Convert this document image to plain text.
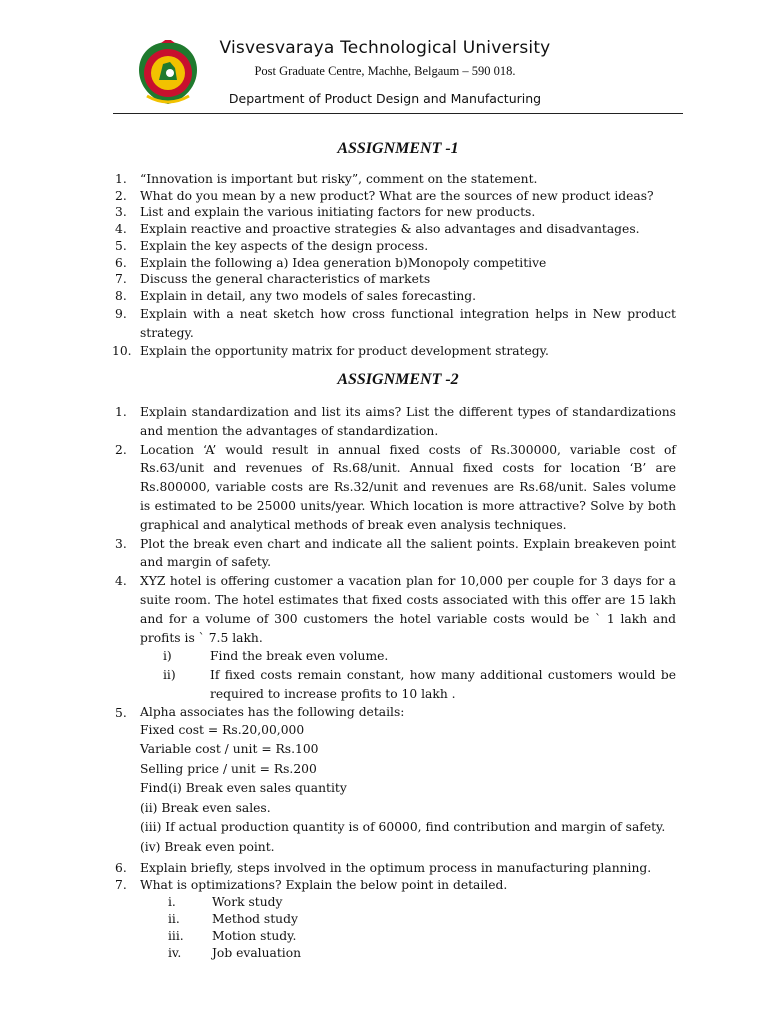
Visvesvaraya Technological University
Post Graduate Centre, Machhe, Belgaum – 590 018.
Department of Product Design and Manufacturing
ASSIGNMENT -1
1. “Innovation is important but risky”, comment on the statement.
2. What do you mean by a new product? What are the sources of new product ideas?
3. List and explain the various initiating factors for new products.
4. Explain reactive and proactive strategies & also advantages and disadvantages.
5. Explain the key aspects of the design process.
6. Explain the following a) Idea generation b)Monopoly competitive
7. Discuss the general characteristics of markets
8. Explain in detail, any two models of sales forecasting.
9. Explain with a neat sketch how cross functional integration helps in New product strategy.
10. Explain the opportunity matrix for product development strategy.
ASSIGNMENT -2
1. Explain standardization and list its aims? List the different types of standardizations and mention the advantages of standardization.
2. Location ‘A’ would result in annual fixed costs of Rs.300000, variable cost of Rs.63/unit and revenues of Rs.68/unit. Annual fixed costs for location ‘B’ are Rs.800000, variable costs are Rs.32/unit and revenues are Rs.68/unit. Sales volume is estimated to be 25000 units/year. Which location is more attractive? Solve by both graphical and analytical methods of break even analysis techniques.
3. Plot the break even chart and indicate all the salient points. Explain breakeven point and margin of safety.
4. XYZ hotel is offering customer a vacation plan for 10,000 per couple for 3 days for a suite room. The hotel estimates that fixed costs associated with this offer are 15 lakh and for a volume of 300 customers the hotel variable costs would be ` 1 lakh and profits is ` 7.5 lakh.
i)	Find the break even volume.
ii)	If fixed costs remain constant, how many additional customers would be required to increase profits to 10 lakh .
5. Alpha associates has the following details:
Fixed cost = Rs.20,00,000
Variable cost / unit = Rs.100
Selling price / unit = Rs.200
Find(i) Break even sales quantity
(ii) Break even sales.
(iii) If actual production quantity is of 60000, find contribution and margin of safety.
(iv) Break even point.
6. Explain briefly, steps involved in the optimum process in manufacturing planning.
7. What is optimizations? Explain the below point in detailed.
i.	Work study
ii.	Method study
iii. Motion study.
iv. Job evaluation
